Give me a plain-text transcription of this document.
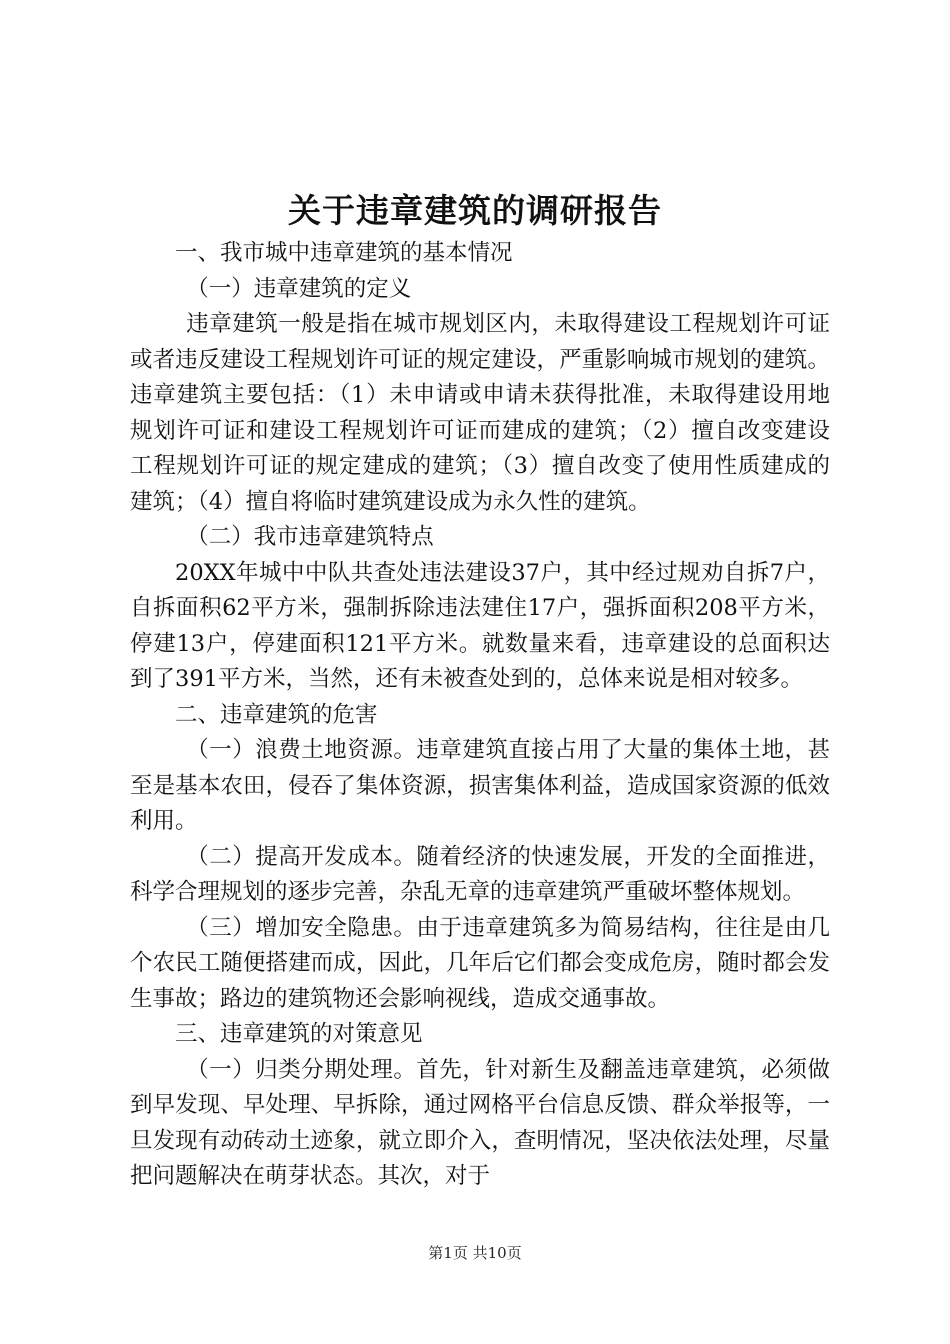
关于违章建筑的调研报告

一、我市城中违章建筑的基本情况

（一）违章建筑的定义

违章建筑一般是指在城市规划区内，未取得建设工程规划许可证或者违反建设工程规划许可证的规定建设，严重影响城市规划的建筑。违章建筑主要包括：（1）未申请或申请未获得批准，未取得建设用地规划许可证和建设工程规划许可证而建成的建筑；（2）擅自改变建设工程规划许可证的规定建成的建筑；（3）擅自改变了使用性质建成的建筑；（4）擅自将临时建筑建设成为永久性的建筑。

（二）我市违章建筑特点

20XX年城中中队共查处违法建设37户，其中经过规劝自拆7户，自拆面积62平方米，强制拆除违法建住17户，强拆面积208平方米，停建13户，停建面积121平方米。就数量来看，违章建设的总面积达到了391平方米，当然，还有未被查处到的，总体来说是相对较多。

二、违章建筑的危害

（一）浪费土地资源。违章建筑直接占用了大量的集体土地，甚至是基本农田，侵吞了集体资源，损害集体利益，造成国家资源的低效利用。

（二）提高开发成本。随着经济的快速发展，开发的全面推进，科学合理规划的逐步完善，杂乱无章的违章建筑严重破坏整体规划。

（三）增加安全隐患。由于违章建筑多为简易结构，往往是由几个农民工随便搭建而成，因此，几年后它们都会变成危房，随时都会发生事故；路边的建筑物还会影响视线，造成交通事故。

三、违章建筑的对策意见

（一）归类分期处理。首先，针对新生及翻盖违章建筑，必须做到早发现、早处理、早拆除，通过网格平台信息反馈、群众举报等，一旦发现有动砖动土迹象，就立即介入，查明情况，坚决依法处理，尽量把问题解决在萌芽状态。其次，对于

第1页 共10页
